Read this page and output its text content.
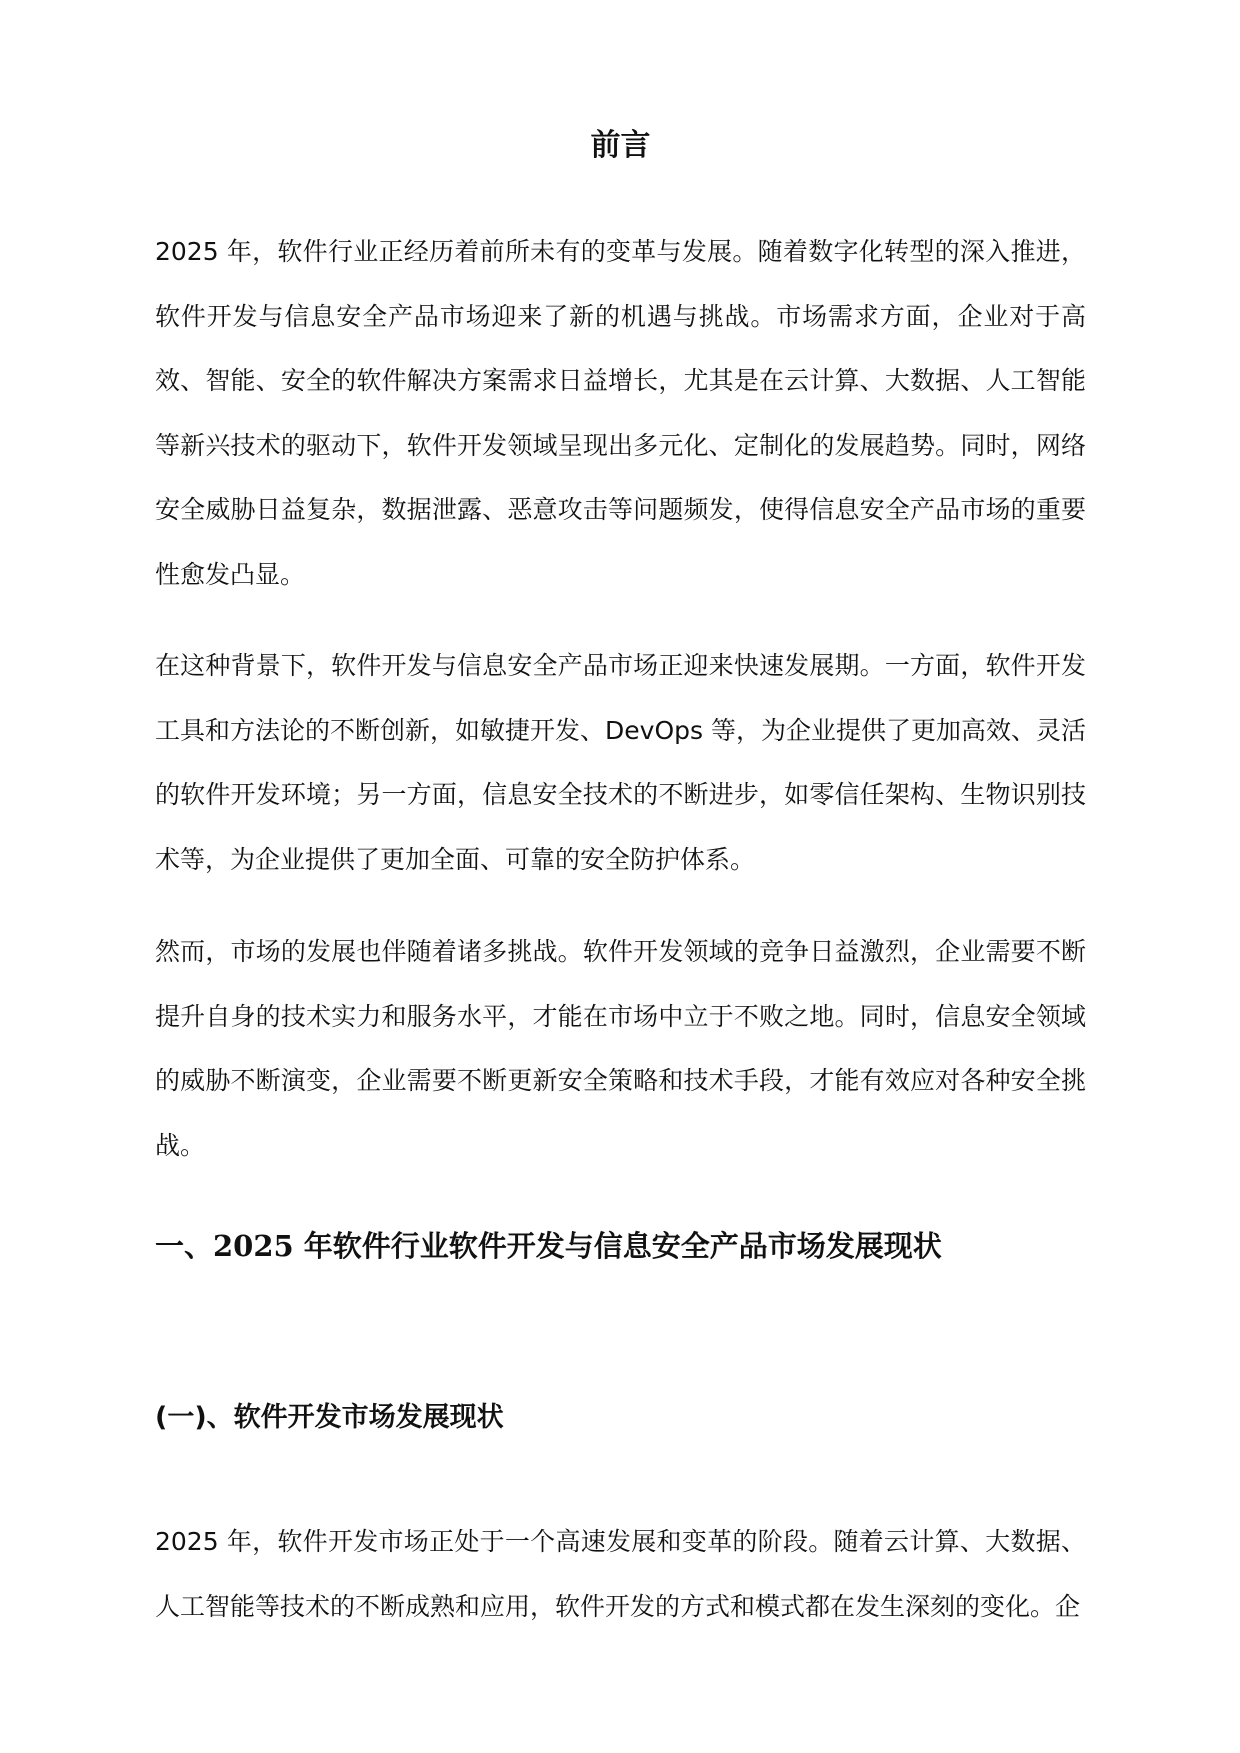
前言

2025 年，软件行业正经历着前所未有的变革与发展。随着数字化转型的深入推进，软件开发与信息安全产品市场迎来了新的机遇与挑战。市场需求方面，企业对于高效、智能、安全的软件解决方案需求日益增长，尤其是在云计算、大数据、人工智能等新兴技术的驱动下，软件开发领域呈现出多元化、定制化的发展趋势。同时，网络安全威胁日益复杂，数据泄露、恶意攻击等问题频发，使得信息安全产品市场的重要性愈发凸显。

在这种背景下，软件开发与信息安全产品市场正迎来快速发展期。一方面，软件开发工具和方法论的不断创新，如敏捷开发、DevOps 等，为企业提供了更加高效、灵活的软件开发环境；另一方面，信息安全技术的不断进步，如零信任架构、生物识别技术等，为企业提供了更加全面、可靠的安全防护体系。

然而，市场的发展也伴随着诸多挑战。软件开发领域的竞争日益激烈，企业需要不断提升自身的技术实力和服务水平，才能在市场中立于不败之地。同时，信息安全领域的威胁不断演变，企业需要不断更新安全策略和技术手段，才能有效应对各种安全挑战。

一、2025 年软件行业软件开发与信息安全产品市场发展现状
(一)、软件开发市场发展现状

2025 年，软件开发市场正处于一个高速发展和变革的阶段。随着云计算、大数据、人工智能等技术的不断成熟和应用，软件开发的方式和模式都在发生深刻的变化。企
